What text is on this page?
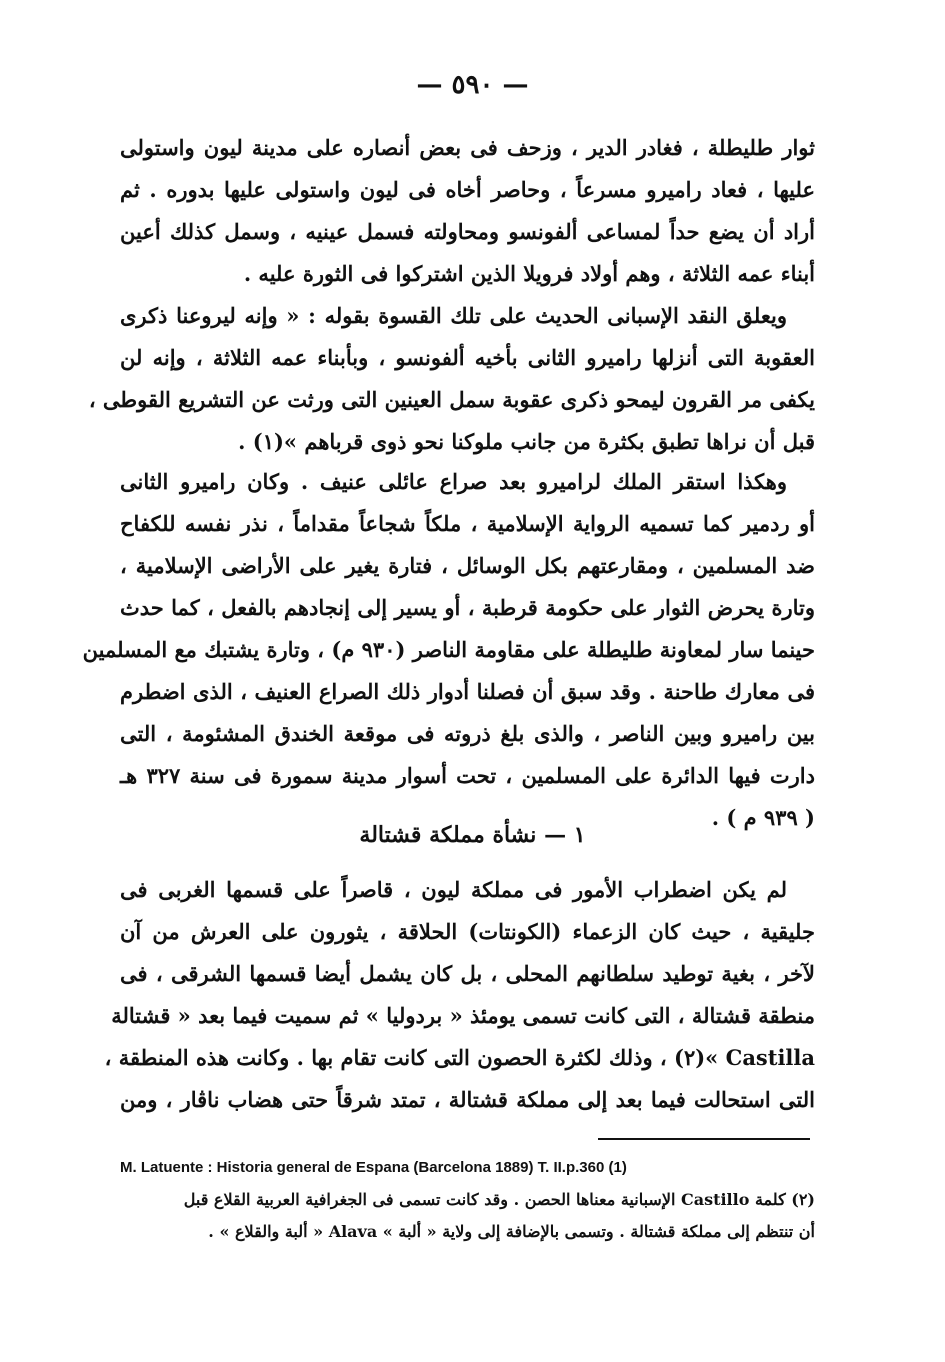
— ٥٩٠ —
ثوار طليطلة ، فغادر الدير ، وزحف فى بعض أنصاره على مدينة ليون واستولى
عليها ، فعاد راميرو مسرعاً ، وحاصر أخاه فى ليون واستولى عليها بدوره . ثم
أراد أن يضع حداً لمساعى ألفونسو ومحاولته فسمل عينيه ، وسمل كذلك أعين
أبناء عمه الثلاثة ، وهم أولاد فرويلا الذين اشتركوا فى الثورة عليه .
ويعلق النقد الإسبانى الحديث على تلك القسوة بقوله : « وإنه ليروعنا ذكرى
العقوبة التى أنزلها راميرو الثانى بأخيه ألفونسو ، وبأبناء عمه الثلاثة ، وإنه لن
يكفى مر القرون ليمحو ذكرى عقوبة سمل العينين التى ورثت عن التشريع القوطى ،
قبل أن نراها تطبق بكثرة من جانب ملوكنا نحو ذوى قرباهم »(١) .
وهكذا استقر الملك لراميرو بعد صراع عائلى عنيف . وكان راميرو الثانى
أو ردمير كما تسميه الرواية الإسلامية ، ملكاً شجاعاً مقداماً ، نذر نفسه للكفاح
ضد المسلمين ، ومقارعتهم بكل الوسائل ، فتارة يغير على الأراضى الإسلامية ،
وتارة يحرض الثوار على حكومة قرطبة ، أو يسير إلى إنجادهم بالفعل ، كما حدث
حينما سار لمعاونة طليطلة على مقاومة الناصر (٩٣٠ م) ، وتارة يشتبك مع المسلمين
فى معارك طاحنة . وقد سبق أن فصلنا أدوار ذلك الصراع العنيف ، الذى اضطرم
بين راميرو وبين الناصر ، والذى بلغ ذروته فى موقعة الخندق المشئومة ، التى
دارت فيها الدائرة على المسلمين ، تحت أسوار مدينة سمورة فى سنة ٣٢٧ هـ
( ٩٣٩ م ) .
١ — نشأة مملكة قشتالة
لم يكن اضطراب الأمور فى مملكة ليون ، قاصراً على قسمها الغربى فى
جليقية ، حيث كان الزعماء (الكونتات) الحلاقة ، يثورون على العرش من آن
لآخر ، بغية توطيد سلطانهم المحلى ، بل كان يشمل أيضا قسمها الشرقى ، فى
منطقة قشتالة ، التى كانت تسمى يومئذ « بردوليا » ثم سميت فيما بعد « قشتالة
Castilla »(٢) ، وذلك لكثرة الحصون التى كانت تقام بها . وكانت هذه المنطقة ،
التى استحالت فيما بعد إلى مملكة قشتالة ، تمتد شرقاً حتى هضاب ناڤار ، ومن
M. Latuente : Historia general de Espana (Barcelona 1889) T. II.p.360 (1)
(٢) كلمة Castillo الإسبانية معناها الحصن . وقد كانت تسمى فى الجغرافية العربية القلاع قبل
أن تنتظم إلى مملكة قشتالة . وتسمى بالإضافة إلى ولاية « ألبة » Alava « ألبة والقلاع » .
